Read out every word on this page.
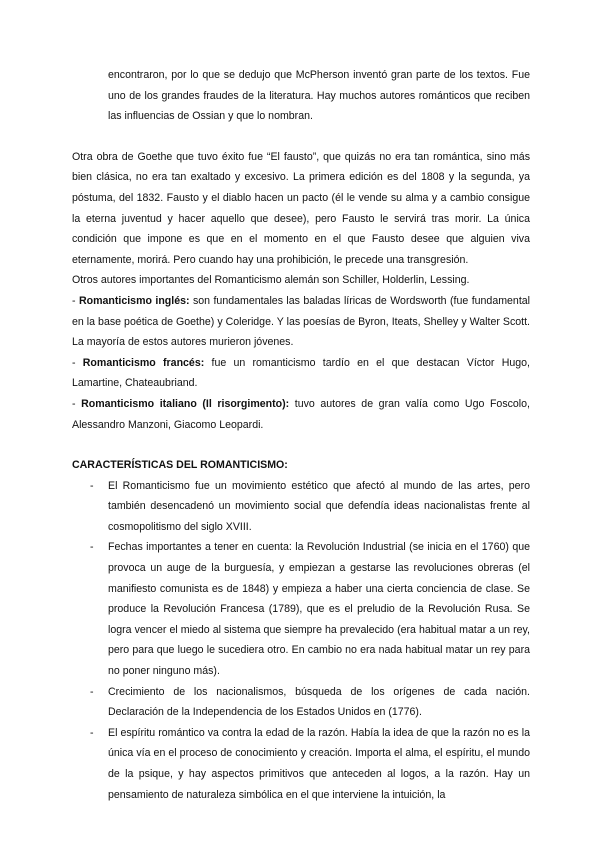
encontraron, por lo que se dedujo que McPherson inventó gran parte de los textos. Fue uno de los grandes fraudes de la literatura. Hay muchos autores románticos que reciben las influencias de Ossian y que lo nombran.

Otra obra de Goethe que tuvo éxito fue “El fausto”, que quizás no era tan romántica, sino más bien clásica, no era tan exaltado y excesivo. La primera edición es del 1808 y la segunda, ya póstuma, del 1832. Fausto y el diablo hacen un pacto (él le vende su alma y a cambio consigue la eterna juventud y hacer aquello que desee), pero Fausto le servirá tras morir. La única condición que impone es que en el momento en el que Fausto desee que alguien viva eternamente, morirá. Pero cuando hay una prohibición, le precede una transgresión.

Otros autores importantes del Romanticismo alemán son Schiller, Holderlin, Lessing.

- Romanticismo inglés: son fundamentales las baladas líricas de Wordsworth (fue fundamental en la base poética de Goethe) y Coleridge. Y las poesías de Byron, Iteats, Shelley y Walter Scott. La mayoría de estos autores murieron jóvenes.

- Romanticismo francés: fue un romanticismo tardío en el que destacan Víctor Hugo, Lamartine, Chateaubriand.

- Romanticismo italiano (Il risorgimento): tuvo autores de gran valía como Ugo Foscolo, Alessandro Manzoni, Giacomo Leopardi.

CARACTERÍSTICAS DEL ROMANTICISMO:
- El Romanticismo fue un movimiento estético que afectó al mundo de las artes, pero también desencadenó un movimiento social que defendía ideas nacionalistas frente al cosmopolitismo del siglo XVIII.
- Fechas importantes a tener en cuenta: la Revolución Industrial (se inicia en el 1760) que provoca un auge de la burguesía, y empiezan a gestarse las revoluciones obreras (el manifiesto comunista es de 1848) y empieza a haber una cierta conciencia de clase. Se produce la Revolución Francesa (1789), que es el preludio de la Revolución Rusa. Se logra vencer el miedo al sistema que siempre ha prevalecido (era habitual matar a un rey, pero para que luego le sucediera otro. En cambio no era nada habitual matar un rey para no poner ninguno más).
- Crecimiento de los nacionalismos, búsqueda de los orígenes de cada nación. Declaración de la Independencia de los Estados Unidos en (1776).
- El espíritu romántico va contra la edad de la razón. Había la idea de que la razón no es la única vía en el proceso de conocimiento y creación. Importa el alma, el espíritu, el mundo de la psique, y hay aspectos primitivos que anteceden al logos, a la razón. Hay un pensamiento de naturaleza simbólica en el que interviene la intuición, la
